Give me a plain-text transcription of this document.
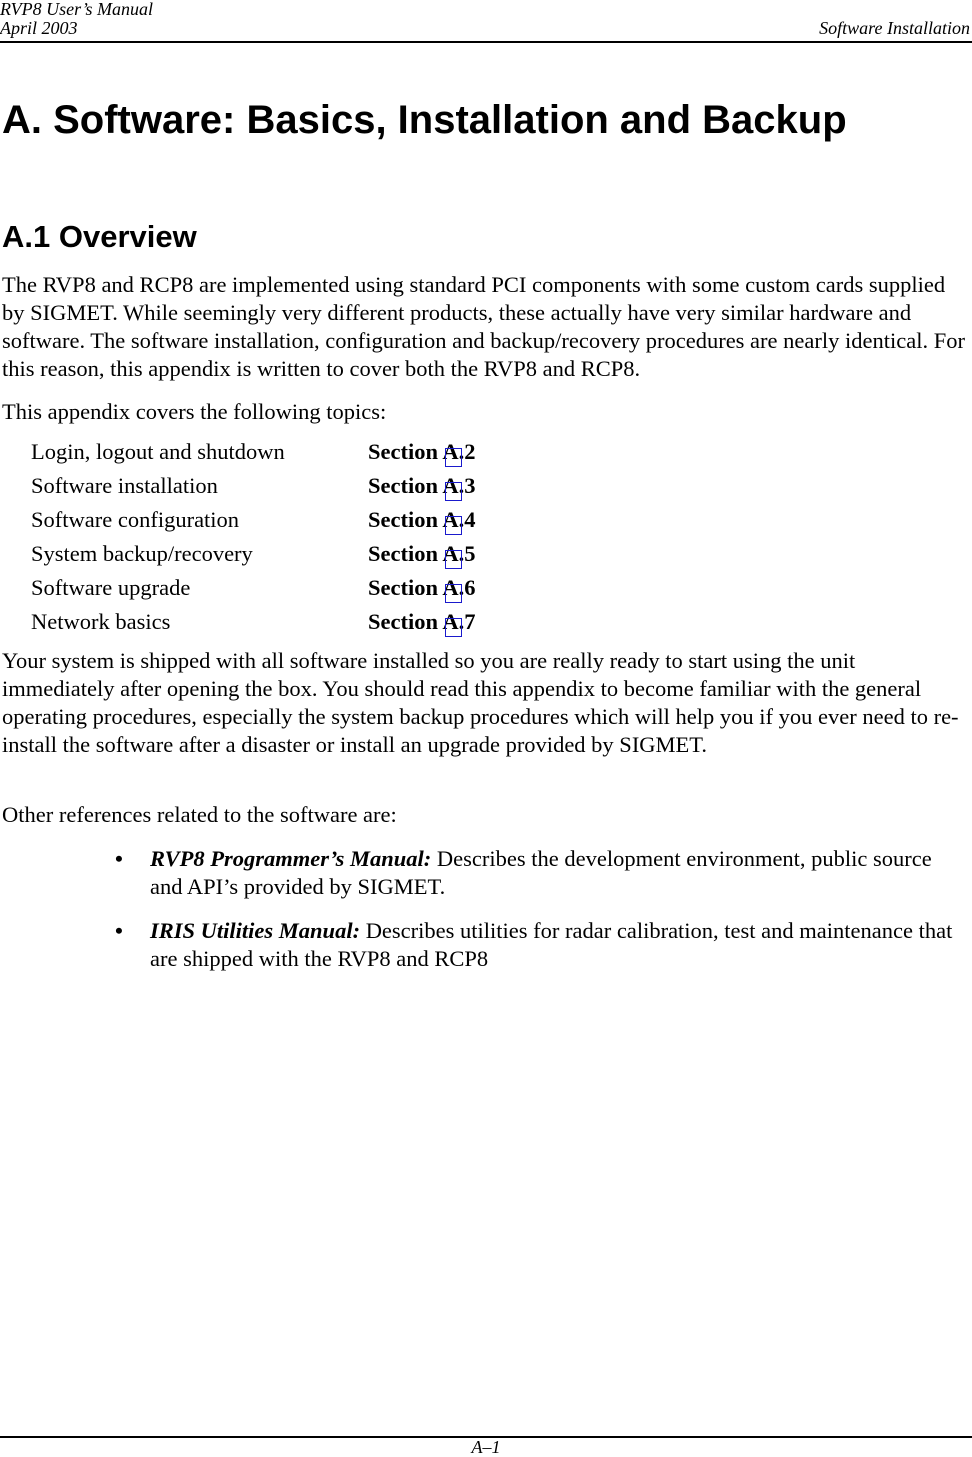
RVP8 User’s Manual
April 2003	Software Installation
A. Software: Basics, Installation and Backup
A.1 Overview

The RVP8 and RCP8 are implemented using standard PCI components with some custom cards supplied by SIGMET. While seemingly very different products, these actually have very similar hardware and software. The software installation, configuration and backup/recovery procedures are nearly identical. For this reason, this appendix is written to cover both the RVP8 and RCP8.

This appendix covers the following topics:

Login, logout and shutdown	Section A.2
Software installation	Section A.3
Software configuration	Section A.4
System backup/recovery	Section A.5
Software upgrade	Section A.6
Network basics	Section A.7

Your system is shipped with all software installed so you are really ready to start using the unit immediately after opening the box. You should read this appendix to become familiar with the general operating procedures, especially the system backup procedures which will help you if you ever need to re-install the software after a disaster or install an upgrade provided by SIGMET.

Other references related to the software are:

• RVP8 Programmer’s Manual: Describes the development environment, public source and API’s provided by SIGMET.

• IRIS Utilities Manual: Describes utilities for radar calibration, test and maintenance that are shipped with the RVP8 and RCP8

A–1
